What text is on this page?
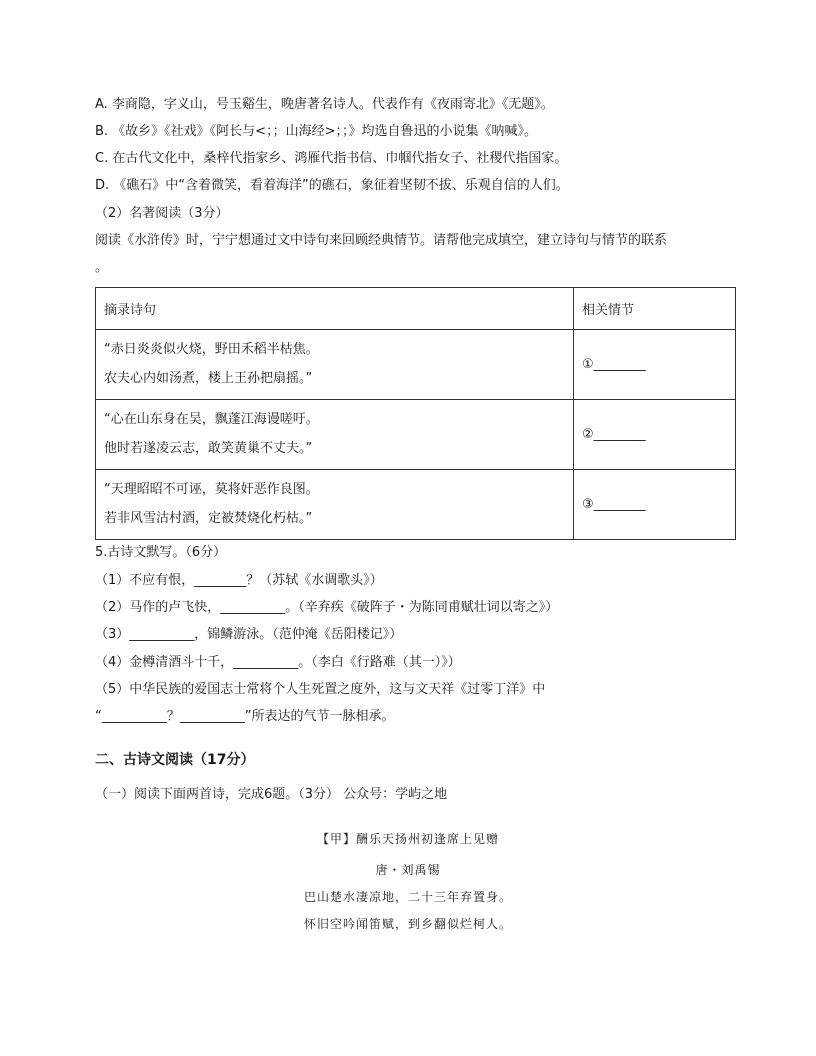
A. 李商隐，字义山，号玉谿生，晚唐著名诗人。代表作有《夜雨寄北》《无题》。
B. 《故乡》《社戏》《阿长与<；；山海经>；；》均选自鲁迅的小说集《呐喊》。
C. 在古代文化中，桑梓代指家乡、鸿雁代指书信、巾帼代指女子、社稷代指国家。
D. 《礁石》中“含着微笑，看着海洋”的礁石，象征着坚韧不拔、乐观自信的人们。
（2）名著阅读（3分）
阅读《水浒传》时，宁宁想通过文中诗句来回顾经典情节。请帮他完成填空，建立诗句与情节的联系
。
摘录诗句	相关情节

“赤日炎炎似火烧，野田禾稻半枯焦。
农夫心内如汤煮，楼上王孙把扇摇。”	①________

“心在山东身在吴，飘蓬江海谩嗟吁。
他时若遂凌云志，敢笑黄巢不丈夫。”	②________

“天理昭昭不可诬，莫将奸恶作良图。
若非风雪沽村酒，定被焚烧化朽枯。”	③________
5.古诗文默写。（6分）
（1）不应有恨，________？（苏轼《水调歌头》）
（2）马作的卢飞快，__________。（辛弃疾《破阵子・为陈同甫赋壮词以寄之》）
（3）__________，锦鳞游泳。（范仲淹《岳阳楼记》）
（4）金樽清酒斗十千，__________。（李白《行路难（其一）》）
（5）中华民族的爱国志士常将个人生死置之度外，这与文天祥《过零丁洋》中
“__________？__________”所表达的气节一脉相承。
二、古诗文阅读（17分）
（一）阅读下面两首诗，完成6题。（3分） 公众号：学屿之地
【甲】酬乐天扬州初逢席上见赠
唐・刘禹锡
巴山楚水凄凉地，二十三年弃置身。
怀旧空吟闻笛赋，到乡翻似烂柯人。
